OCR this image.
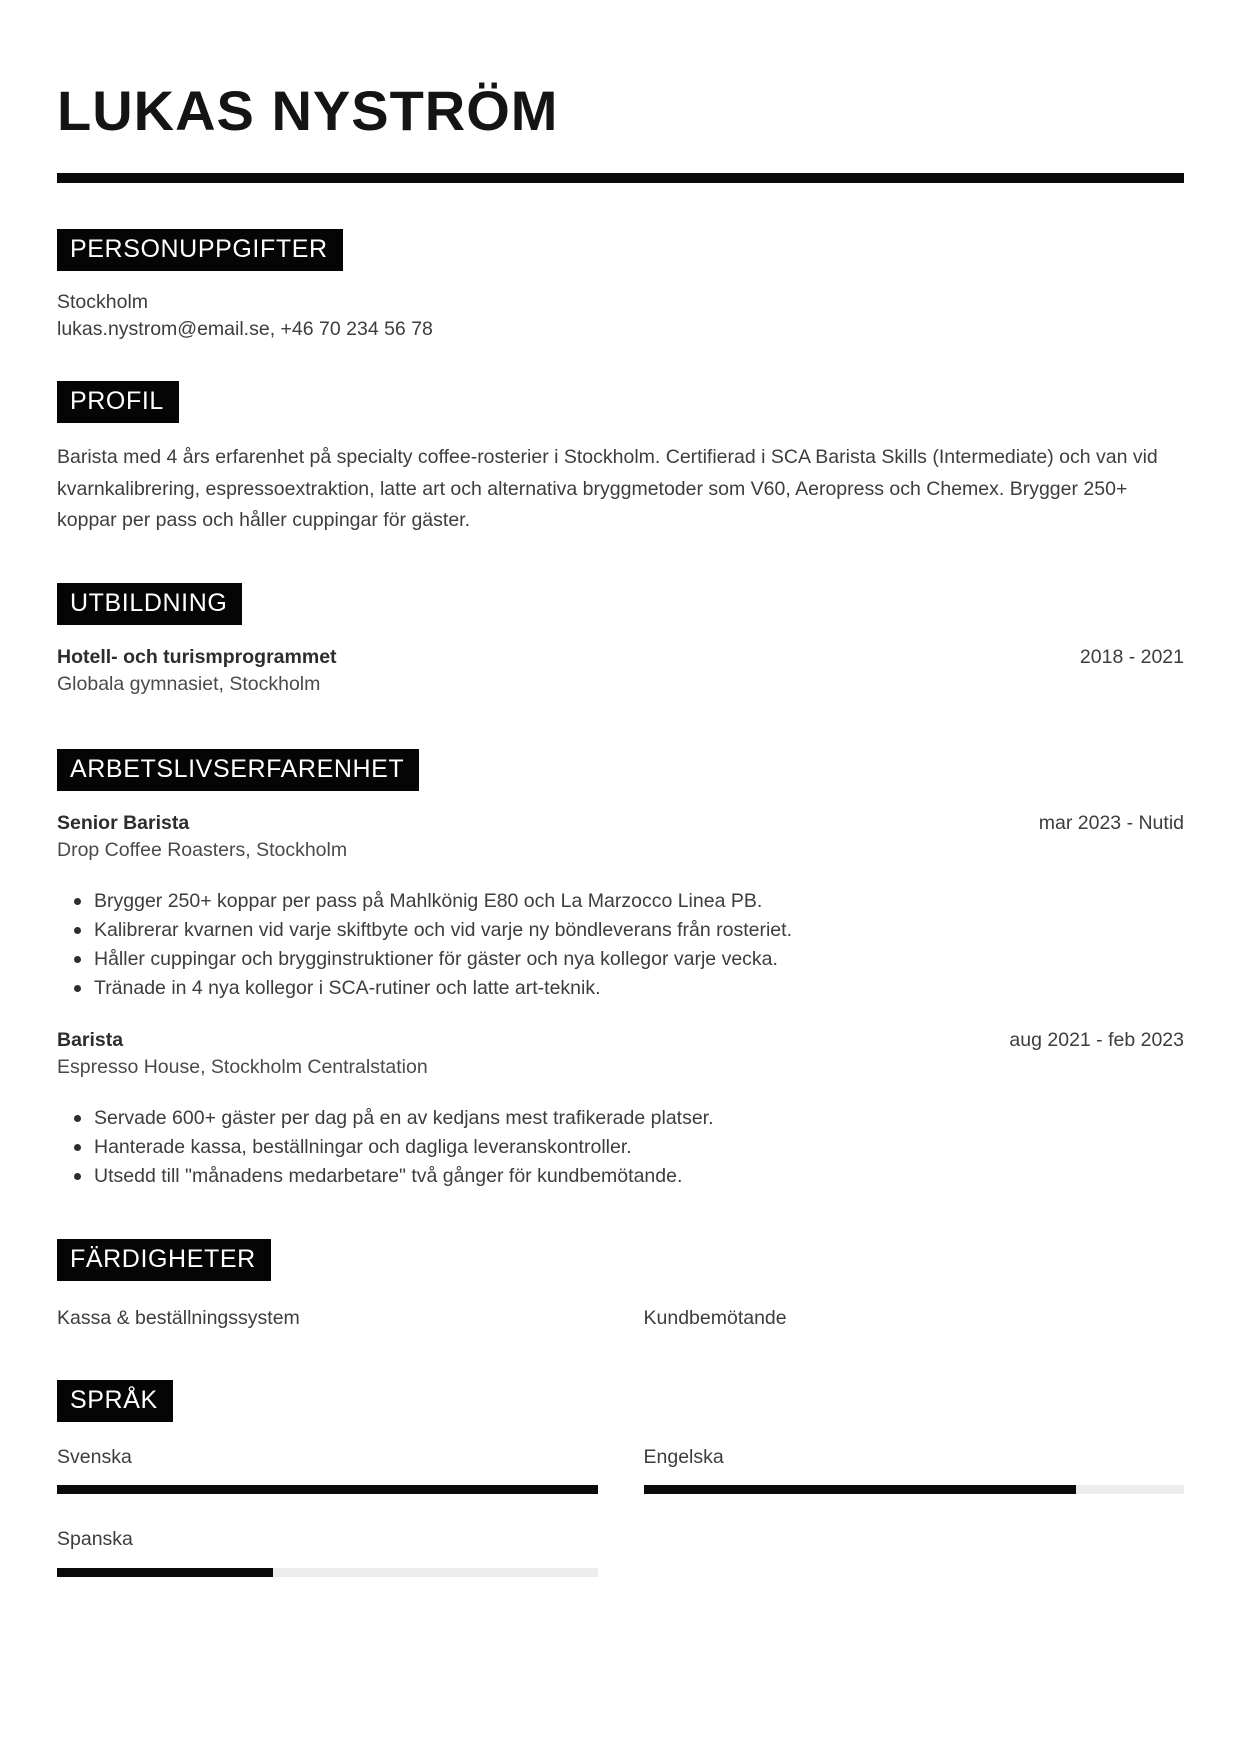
LUKAS NYSTRÖM
PERSONUPPGIFTER

Stockholm

lukas.nystrom@email.se, +46 70 234 56 78

PROFIL

Barista med 4 års erfarenhet på specialty coffee-rosterier i Stockholm. Certifierad i SCA Barista Skills (Intermediate) och van vid kvarnkalibrering, espressoextraktion, latte art och alternativa bryggmetoder som V60, Aeropress och Chemex. Brygger 250+ koppar per pass och håller cuppingar för gäster.

UTBILDNING
Hotell- och turismprogrammet	2018 - 2021
Globala gymnasiet, Stockholm
ARBETSLIVSERFARENHET
Senior Barista	mar 2023 - Nutid
Drop Coffee Roasters, Stockholm
Brygger 250+ koppar per pass på Mahlkönig E80 och La Marzocco Linea PB.
Kalibrerar kvarnen vid varje skiftbyte och vid varje ny böndleverans från rosteriet.
Håller cuppingar och brygginstruktioner för gäster och nya kollegor varje vecka.
Tränade in 4 nya kollegor i SCA-rutiner och latte art-teknik.
Barista	aug 2021 - feb 2023
Espresso House, Stockholm Centralstation
Servade 600+ gäster per dag på en av kedjans mest trafikerade platser.
Hanterade kassa, beställningar och dagliga leveranskontroller.
Utsedd till "månadens medarbetare" två gånger för kundbemötande.
FÄRDIGHETER
Kassa & beställningssystem	Kundbemötande
SPRÅK
Svenska	Engelska
Spanska
